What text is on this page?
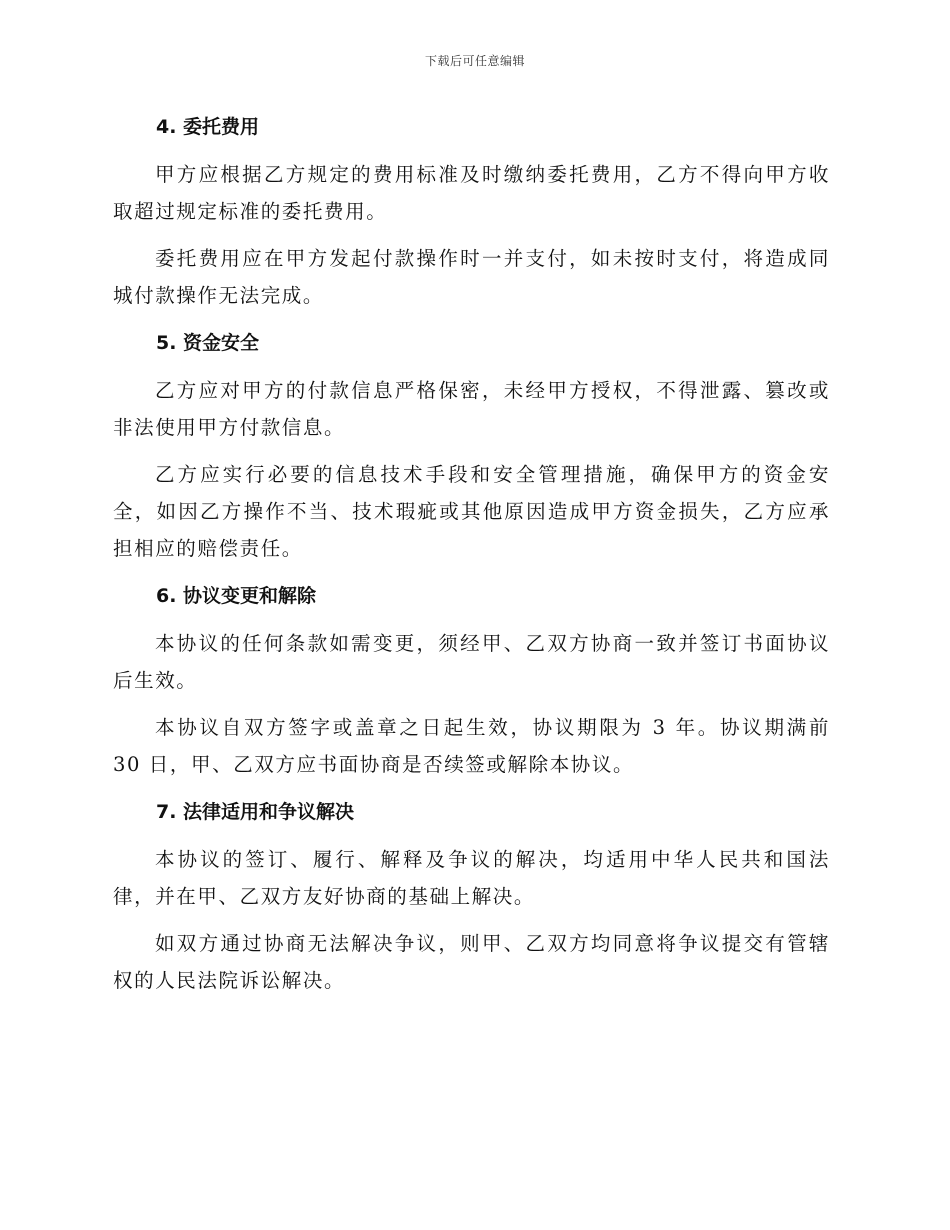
下载后可任意编辑
4. 委托费用

甲方应根据乙方规定的费用标准及时缴纳委托费用，乙方不得向甲方收取超过规定标准的委托费用。

委托费用应在甲方发起付款操作时一并支付，如未按时支付，将造成同城付款操作无法完成。

5. 资金安全

乙方应对甲方的付款信息严格保密，未经甲方授权，不得泄露、篡改或非法使用甲方付款信息。

乙方应实行必要的信息技术手段和安全管理措施，确保甲方的资金安全，如因乙方操作不当、技术瑕疵或其他原因造成甲方资金损失，乙方应承担相应的赔偿责任。

6. 协议变更和解除

本协议的任何条款如需变更，须经甲、乙双方协商一致并签订书面协议后生效。

本协议自双方签字或盖章之日起生效，协议期限为 3 年。协议期满前 30 日，甲、乙双方应书面协商是否续签或解除本协议。

7. 法律适用和争议解决

本协议的签订、履行、解释及争议的解决，均适用中华人民共和国法律，并在甲、乙双方友好协商的基础上解决。

如双方通过协商无法解决争议，则甲、乙双方均同意将争议提交有管辖权的人民法院诉讼解决。
